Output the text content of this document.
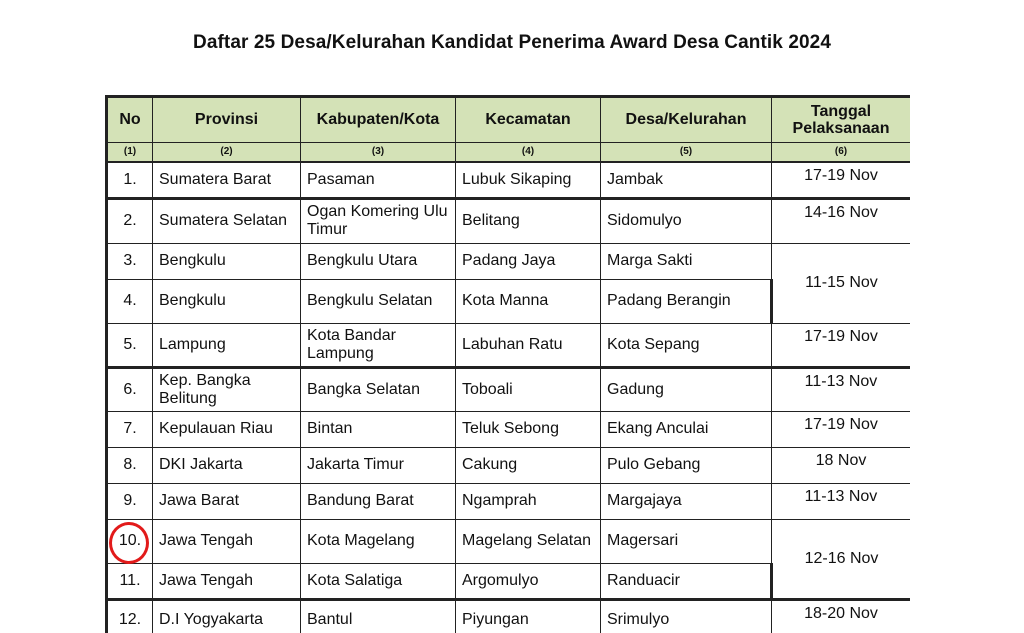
Daftar 25 Desa/Kelurahan Kandidat Penerima Award Desa Cantik 2024
No	Provinsi	Kabupaten/Kota	Kecamatan	Desa/Kelurahan	Tanggal Pelaksanaan
(1)	(2)	(3)	(4)	(5)	(6)
1.	Sumatera Barat	Pasaman	Lubuk Sikaping	Jambak	17-19 Nov
2.	Sumatera Selatan	Ogan Komering Ulu Timur	Belitang	Sidomulyo	14-16 Nov
3.	Bengkulu	Bengkulu Utara	Padang Jaya	Marga Sakti	11-15 Nov
4.	Bengkulu	Bengkulu Selatan	Kota Manna	Padang Berangin	
5.	Lampung	Kota Bandar Lampung	Labuhan Ratu	Kota Sepang	17-19 Nov
6.	Kep. Bangka Belitung	Bangka Selatan	Toboali	Gadung	11-13 Nov
7.	Kepulauan Riau	Bintan	Teluk Sebong	Ekang Anculai	17-19 Nov
8.	DKI Jakarta	Jakarta Timur	Cakung	Pulo Gebang	18 Nov
9.	Jawa Barat	Bandung Barat	Ngamprah	Margajaya	11-13 Nov
10.	Jawa Tengah	Kota Magelang	Magelang Selatan	Magersari	12-16 Nov
11.	Jawa Tengah	Kota Salatiga	Argomulyo	Randuacir	
12.	D.I Yogyakarta	Bantul	Piyungan	Srimulyo	18-20 Nov
